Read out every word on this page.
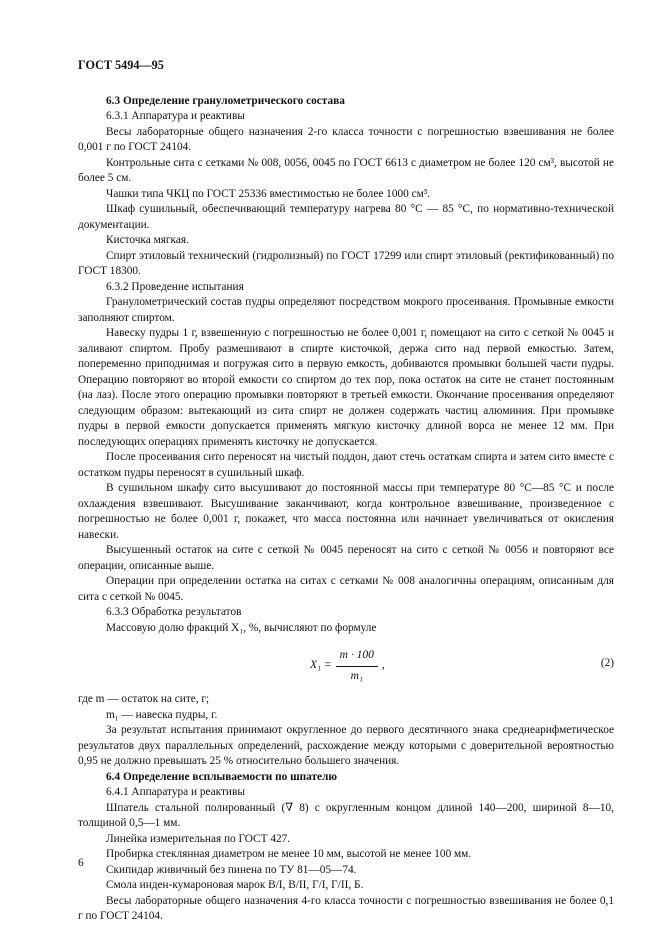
ГОСТ 5494—95

6.3 Определение гранулометрического состава

6.3.1 Аппаратура и реактивы

Весы лабораторные общего назначения 2-го класса точности с погрешностью взвешивания не более 0,001 г по ГОСТ 24104.

Контрольные сита с сетками № 008, 0056, 0045 по ГОСТ 6613 с диаметром не более 120 см³, высотой не более 5 см.

Чашки типа ЧКЦ по ГОСТ 25336 вместимостью не более 1000 см³.

Шкаф сушильный, обеспечивающий температуру нагрева 80 °С — 85 °С, по нормативно-технической документации.

Кисточка мягкая.

Спирт этиловый технический (гидролизный) по ГОСТ 17299 или спирт этиловый (ректификованный) по ГОСТ 18300.

6.3.2 Проведение испытания

Гранулометрический состав пудры определяют посредством мокрого просеивания. Промывные емкости заполняют спиртом.

Навеску пудры 1 г, взвешенную с погрешностью не более 0,001 г, помещают на сито с сеткой № 0045 и заливают спиртом. Пробу размешивают в спирте кисточкой, держа сито над первой емкостью. Затем, попеременно приподнимая и погружая сито в первую емкость, добиваются промывки большей части пудры. Операцию повторяют во второй емкости со спиртом до тех пор, пока остаток на сите не станет постоянным (на лаз). После этого операцию промывки повторяют в третьей емкости. Окончание просеивания определяют следующим образом: вытекающий из сита спирт не должен содержать частиц алюминия. При промывке пудры в первой емкости допускается применять мягкую кисточку длиной ворса не менее 12 мм. При последующих операциях применять кисточку не допускается.

После просеивания сито переносят на чистый поддон, дают стечь остаткам спирта и затем сито вместе с остатком пудры переносят в сушильный шкаф.

В сушильном шкафу сито высушивают до постоянной массы при температуре 80 °С—85 °С и после охлаждения взвешивают. Высушивание заканчивают, когда контрольное взвешивание, произведенное с погрешностью не более 0,001 г, покажет, что масса постоянна или начинает увеличиваться от окисления навески.

Высушенный остаток на сите с сеткой № 0045 переносят на сито с сеткой № 0056 и повторяют все операции, описанные выше.

Операции при определении остатка на ситах с сетками № 008 аналогичны операциям, описанным для сита с сеткой № 0045.

6.3.3 Обработка результатов

Массовую долю фракций X₁, %, вычисляют по формуле

$X_1 = \frac{m \cdot 100}{\text{m₁}}$ ,	(2)

где m — остаток на сите, г;

m₁ — навеска пудры, г.

За результат испытания принимают округленное до первого десятичного знака среднеарифметическое результатов двух параллельных определений, расхождение между которыми с доверительной вероятностью 0,95 не должно превышать 25 % относительно большего значения.

6.4 Определение всплываемости по шпателю

6.4.1 Аппаратура и реактивы

Шпатель стальной полированный (∇ 8) с округленным концом длиной 140—200, шириной 8—10, толщиной 0,5—1 мм.

Линейка измерительная по ГОСТ 427.

Пробирка стеклянная диаметром не менее 10 мм, высотой не менее 100 мм.

Скипидар живичный без пинена по ТУ 81—05—74.

Смола инден-кумароновая марок В/I, В/II, Г/I, Г/II, Б.

Весы лабораторные общего назначения 4-го класса точности с погрешностью взвешивания не более 0,1 г по ГОСТ 24104.

6
